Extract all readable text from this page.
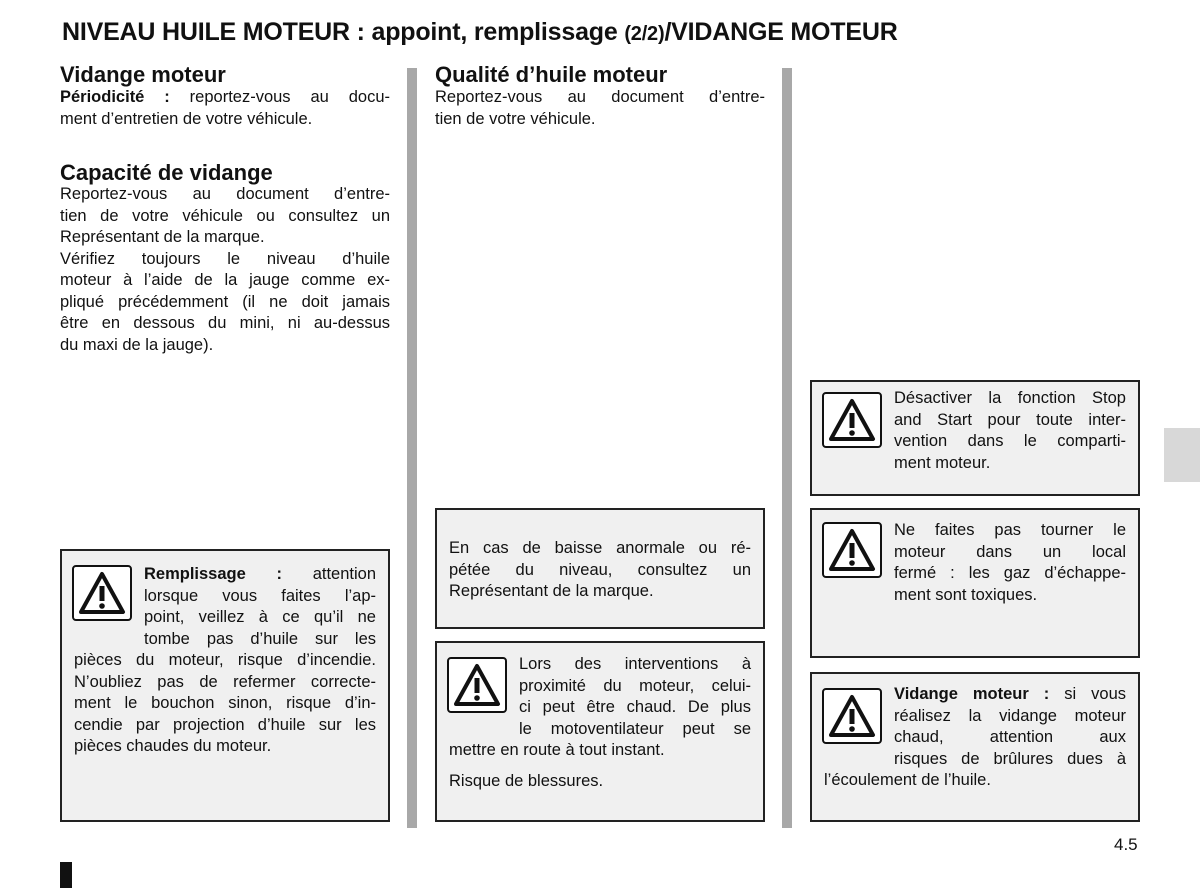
NIVEAU HUILE MOTEUR : appoint, remplissage (2/2)/VIDANGE MOTEUR
Vidange moteur
Périodicité : reportez-vous au docu-
ment d’entretien de votre véhicule.
Capacité de vidange
Reportez-vous au document d’entre-
tien de votre véhicule ou consultez un
Représentant de la marque.
Vérifiez toujours le niveau d’huile
moteur à l’aide de la jauge comme ex-
pliqué précédemment (il ne doit jamais
être en dessous du mini, ni au-dessus
du maxi de la jauge).
Remplissage : attention
lorsque vous faites l’ap-
point, veillez à ce qu’il ne
tombe pas d’huile sur les
pièces du moteur, risque d’incendie.
N’oubliez pas de refermer correcte-
ment le bouchon sinon, risque d’in-
cendie par projection d’huile sur les
pièces chaudes du moteur.
Qualité d’huile moteur
Reportez-vous au document d’entre-
tien de votre véhicule.
En cas de baisse anormale ou ré-
pétée du niveau, consultez un
Représentant de la marque.
Lors des interventions à
proximité du moteur, celui-
ci peut être chaud. De plus
le motoventilateur peut se
mettre en route à tout instant.
Risque de blessures.
Désactiver la fonction Stop
and Start pour toute inter-
vention dans le comparti-
ment moteur.
Ne faites pas tourner le
moteur dans un local
fermé : les gaz d’échappe-
ment sont toxiques.
Vidange moteur : si vous
réalisez la vidange moteur
chaud, attention aux
risques de brûlures dues à
l’écoulement de l’huile.
4.5
